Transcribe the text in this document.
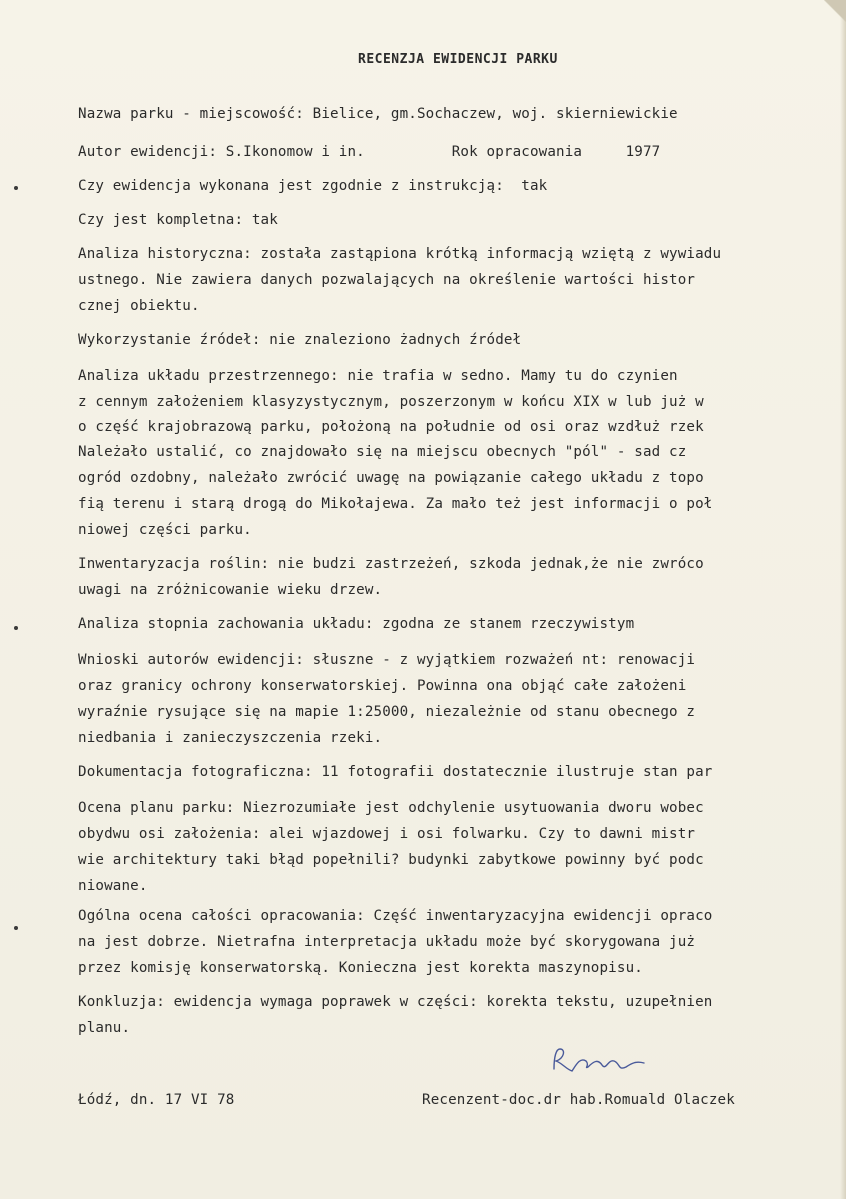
RECENZJA EWIDENCJI PARKU
Nazwa parku - miejscowość: Bielice, gm.Sochaczew, woj. skierniewickie
Autor ewidencji: S.Ikonomow i in.          Rok opracowania     1977
Czy ewidencja wykonana jest zgodnie z instrukcją:  tak
Czy jest kompletna: tak
Analiza historyczna: została zastąpiona krótką informacją wziętą z wywiadu
ustnego. Nie zawiera danych pozwalających na określenie wartości histor
cznej obiektu.
Wykorzystanie źródeł: nie znaleziono żadnych źródeł
Analiza układu przestrzennego: nie trafia w sedno. Mamy tu do czynien
z cennym założeniem klasyzystycznym, poszerzonym w końcu XIX w lub już w
o część krajobrazową parku, położoną na południe od osi oraz wzdłuż rzek
Należało ustalić, co znajdowało się na miejscu obecnych "pól" - sad cz
ogród ozdobny, należało zwrócić uwagę na powiązanie całego układu z topo
fią terenu i starą drogą do Mikołajewa. Za mało też jest informacji o poł
niowej części parku.
Inwentaryzacja roślin: nie budzi zastrzeżeń, szkoda jednak,że nie zwróco
uwagi na zróżnicowanie wieku drzew.
Analiza stopnia zachowania układu: zgodna ze stanem rzeczywistym
Wnioski autorów ewidencji: słuszne - z wyjątkiem rozważeń nt: renowacji
oraz granicy ochrony konserwatorskiej. Powinna ona objąć całe założeni
wyraźnie rysujące się na mapie 1:25000, niezależnie od stanu obecnego z
niedbania i zanieczyszczenia rzeki.
Dokumentacja fotograficzna: 11 fotografii dostatecznie ilustruje stan par
Ocena planu parku: Niezrozumiałe jest odchylenie usytuowania dworu wobec
obydwu osi założenia: alei wjazdowej i osi folwarku. Czy to dawni mistr
wie architektury taki błąd popełnili? budynki zabytkowe powinny być podc
niowane.
Ogólna ocena całości opracowania: Część inwentaryzacyjna ewidencji opraco
na jest dobrze. Nietrafna interpretacja układu może być skorygowana już
przez komisję konserwatorską. Konieczna jest korekta maszynopisu.
Konkluzja: ewidencja wymaga poprawek w części: korekta tekstu, uzupełnien
planu.
Łódź, dn. 17 VI 78	Recenzent-doc.dr hab.Romuald Olaczek
